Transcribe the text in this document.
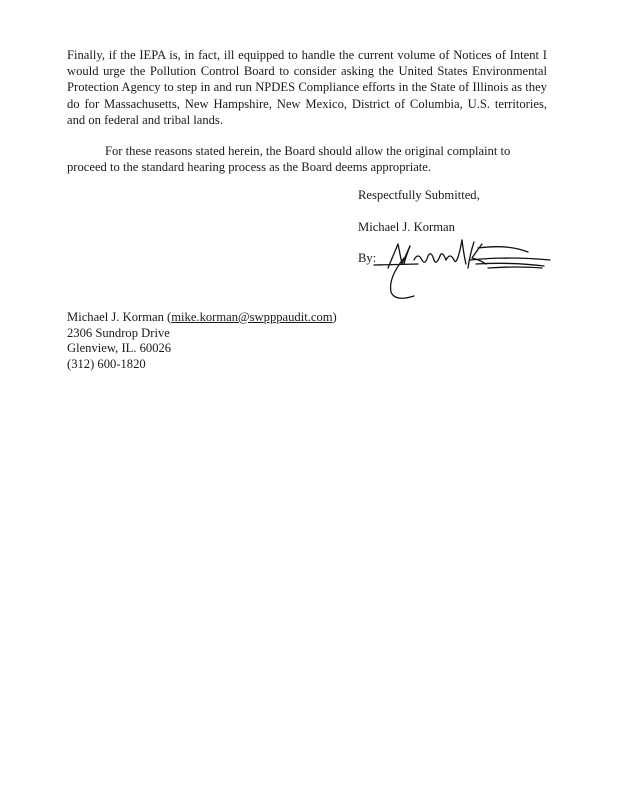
Finally, if the IEPA is, in fact, ill equipped to handle the current volume of Notices of Intent I would urge the Pollution Control Board to consider asking the United States Environmental Protection Agency to step in and run NPDES Compliance efforts in the State of Illinois as they do for Massachusetts, New Hampshire, New Mexico, District of Columbia, U.S. territories, and on federal and tribal lands.

For these reasons stated herein, the Board should allow the original complaint to proceed to the standard hearing process as the Board deems appropriate.

Respectfully Submitted,
Michael J. Korman
By:
Michael J. Korman (mike.korman@swpppaudit.com)
2306 Sundrop Drive
Glenview, IL. 60026
(312) 600-1820
